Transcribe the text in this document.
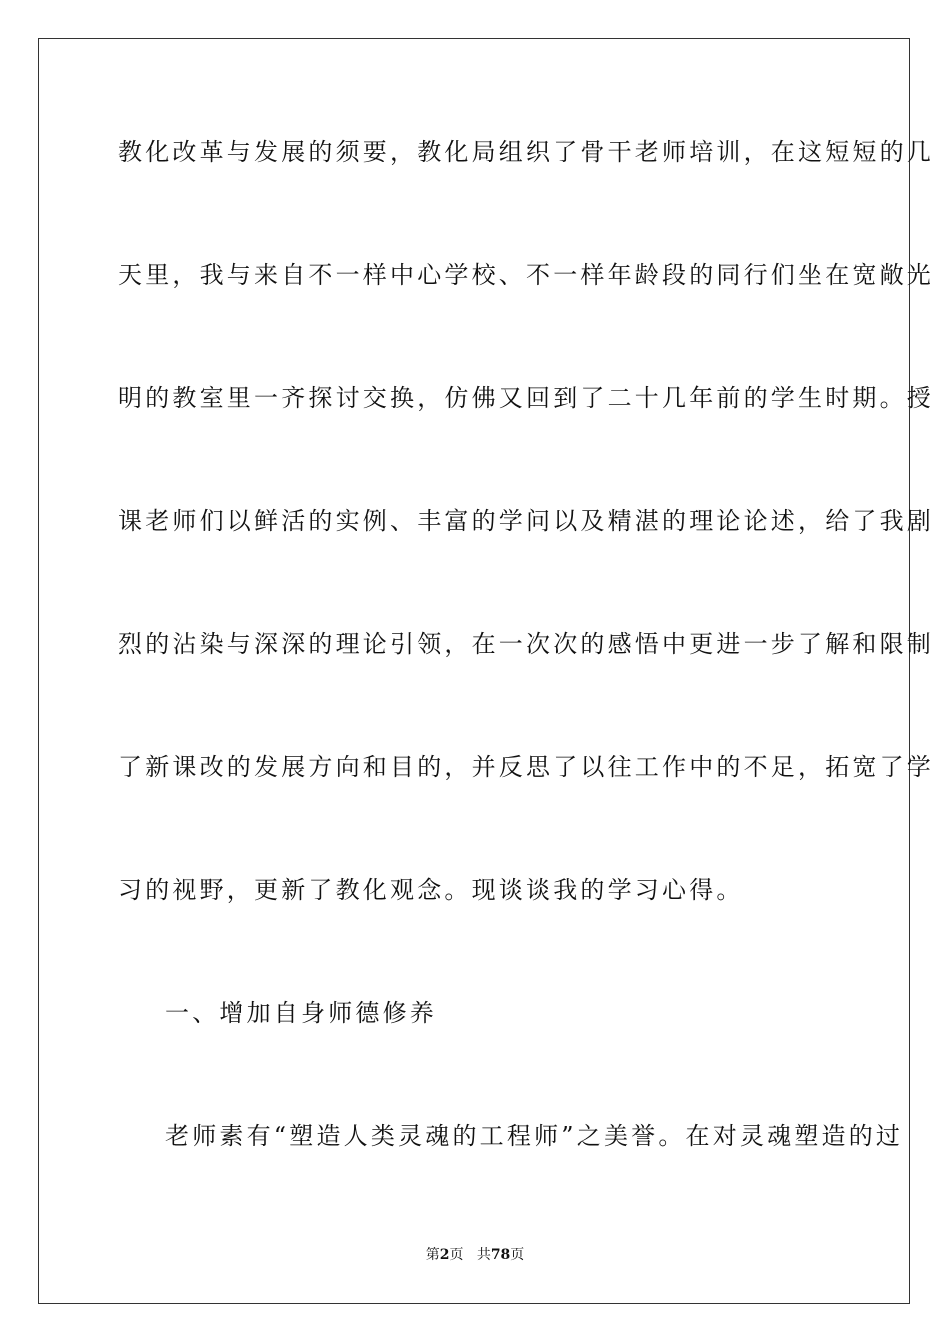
教化改革与发展的须要，教化局组织了骨干老师培训，在这短短的几
天里，我与来自不一样中心学校、不一样年龄段的同行们坐在宽敞光
明的教室里一齐探讨交换，仿佛又回到了二十几年前的学生时期。授
课老师们以鲜活的实例、丰富的学问以及精湛的理论论述，给了我剧
烈的沾染与深深的理论引领，在一次次的感悟中更进一步了解和限制
了新课改的发展方向和目的，并反思了以往工作中的不足，拓宽了学
习的视野，更新了教化观念。现谈谈我的学习心得。
一、增加自身师德修养
老师素有“塑造人类灵魂的工程师”之美誉。在对灵魂塑造的过
第2页 共78页
